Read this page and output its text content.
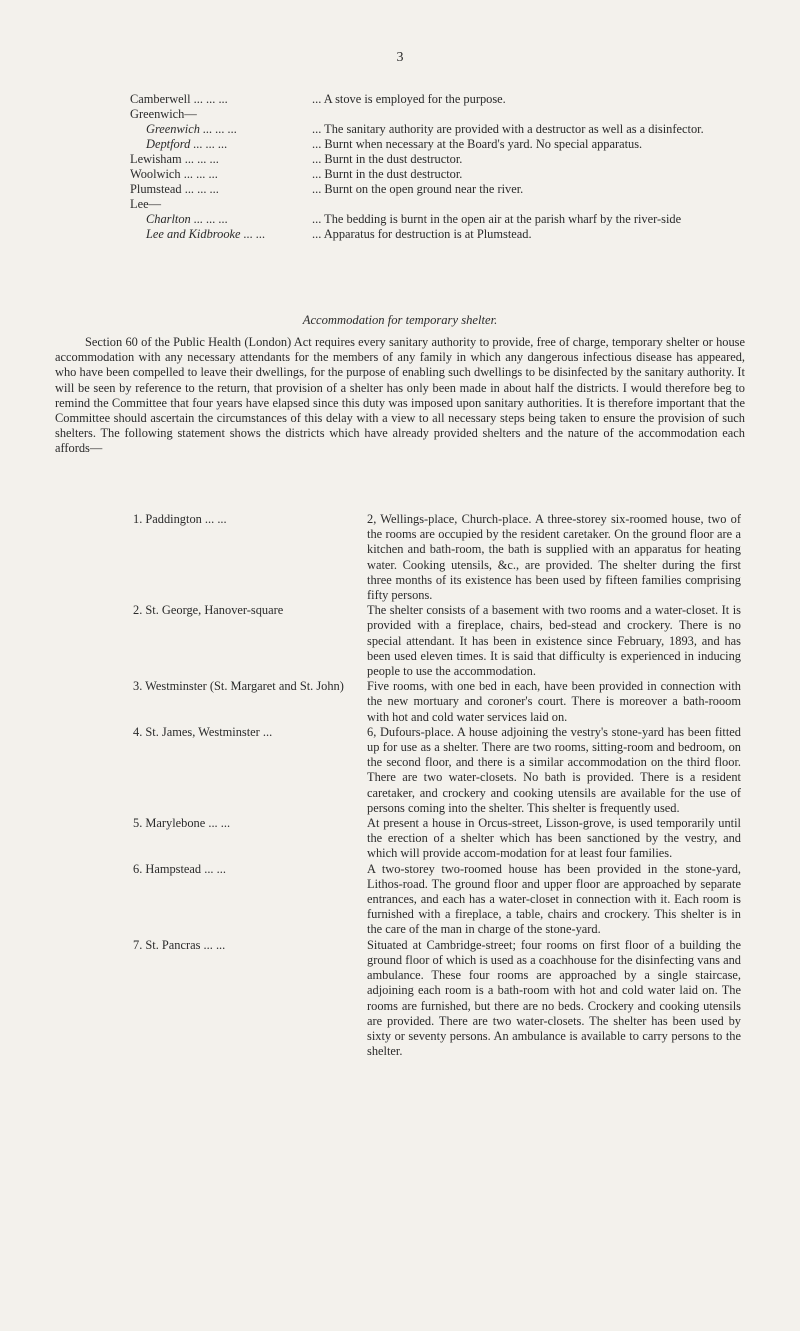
3
Camberwell ... ... ...	... A stove is employed for the purpose.
Greenwich—
Greenwich ... ... ...	... The sanitary authority are provided with a destructor as well as a disinfector.
Deptford ... ... ...	... Burnt when necessary at the Board's yard. No special apparatus.
Lewisham ... ... ...	... Burnt in the dust destructor.
Woolwich ... ... ...	... Burnt in the dust destructor.
Plumstead ... ... ...	... Burnt on the open ground near the river.
Lee—
Charlton ... ... ...	... The bedding is burnt in the open air at the parish wharf by the river-side
Lee and Kidbrooke ... ...	... Apparatus for destruction is at Plumstead.
Accommodation for temporary shelter.
Section 60 of the Public Health (London) Act requires every sanitary authority to provide, free of charge, temporary shelter or house accommodation with any necessary attendants for the members of any family in which any dangerous infectious disease has appeared, who have been compelled to leave their dwellings, for the purpose of enabling such dwellings to be disinfected by the sanitary authority. It will be seen by reference to the return, that provision of a shelter has only been made in about half the districts. I would therefore beg to remind the Committee that four years have elapsed since this duty was imposed upon sanitary authorities. It is therefore important that the Committee should ascertain the circumstances of this delay with a view to all necessary steps being taken to ensure the provision of such shelters. The following statement shows the districts which have already provided shelters and the nature of the accommodation each affords—
1. Paddington ... ...	2, Wellings-place, Church-place. A three-storey six-roomed house, two of the rooms are occupied by the resident caretaker. On the ground floor are a kitchen and bath-room, the bath is supplied with an apparatus for heating water. Cooking utensils, &c., are provided. The shelter during the first three months of its existence has been used by fifteen families comprising fifty persons.
2. St. George, Hanover-square	The shelter consists of a basement with two rooms and a water-closet. It is provided with a fireplace, chairs, bed-stead and crockery. There is no special attendant. It has been in existence since February, 1893, and has been used eleven times. It is said that difficulty is experienced in inducing people to use the accommodation.
3. Westminster (St. Margaret and St. John)	Five rooms, with one bed in each, have been provided in connection with the new mortuary and coroner's court. There is moreover a bath-rooom with hot and cold water services laid on.
4. St. James, Westminster ...	6, Dufours-place. A house adjoining the vestry's stone-yard has been fitted up for use as a shelter. There are two rooms, sitting-room and bedroom, on the second floor, and there is a similar accommodation on the third floor. There are two water-closets. No bath is provided. There is a resident caretaker, and crockery and cooking utensils are available for the use of persons coming into the shelter. This shelter is frequently used.
5. Marylebone ... ...	At present a house in Orcus-street, Lisson-grove, is used temporarily until the erection of a shelter which has been sanctioned by the vestry, and which will provide accom-modation for at least four families.
6. Hampstead ... ...	A two-storey two-roomed house has been provided in the stone-yard, Lithos-road. The ground floor and upper floor are approached by separate entrances, and each has a water-closet in connection with it. Each room is furnished with a fireplace, a table, chairs and crockery. This shelter is in the care of the man in charge of the stone-yard.
7. St. Pancras ... ...	Situated at Cambridge-street; four rooms on first floor of a building the ground floor of which is used as a coachhouse for the disinfecting vans and ambulance. These four rooms are approached by a single staircase, adjoining each room is a bath-room with hot and cold water laid on. The rooms are furnished, but there are no beds. Crockery and cooking utensils are provided. There are two water-closets. The shelter has been used by sixty or seventy persons. An ambulance is available to carry persons to the shelter.
